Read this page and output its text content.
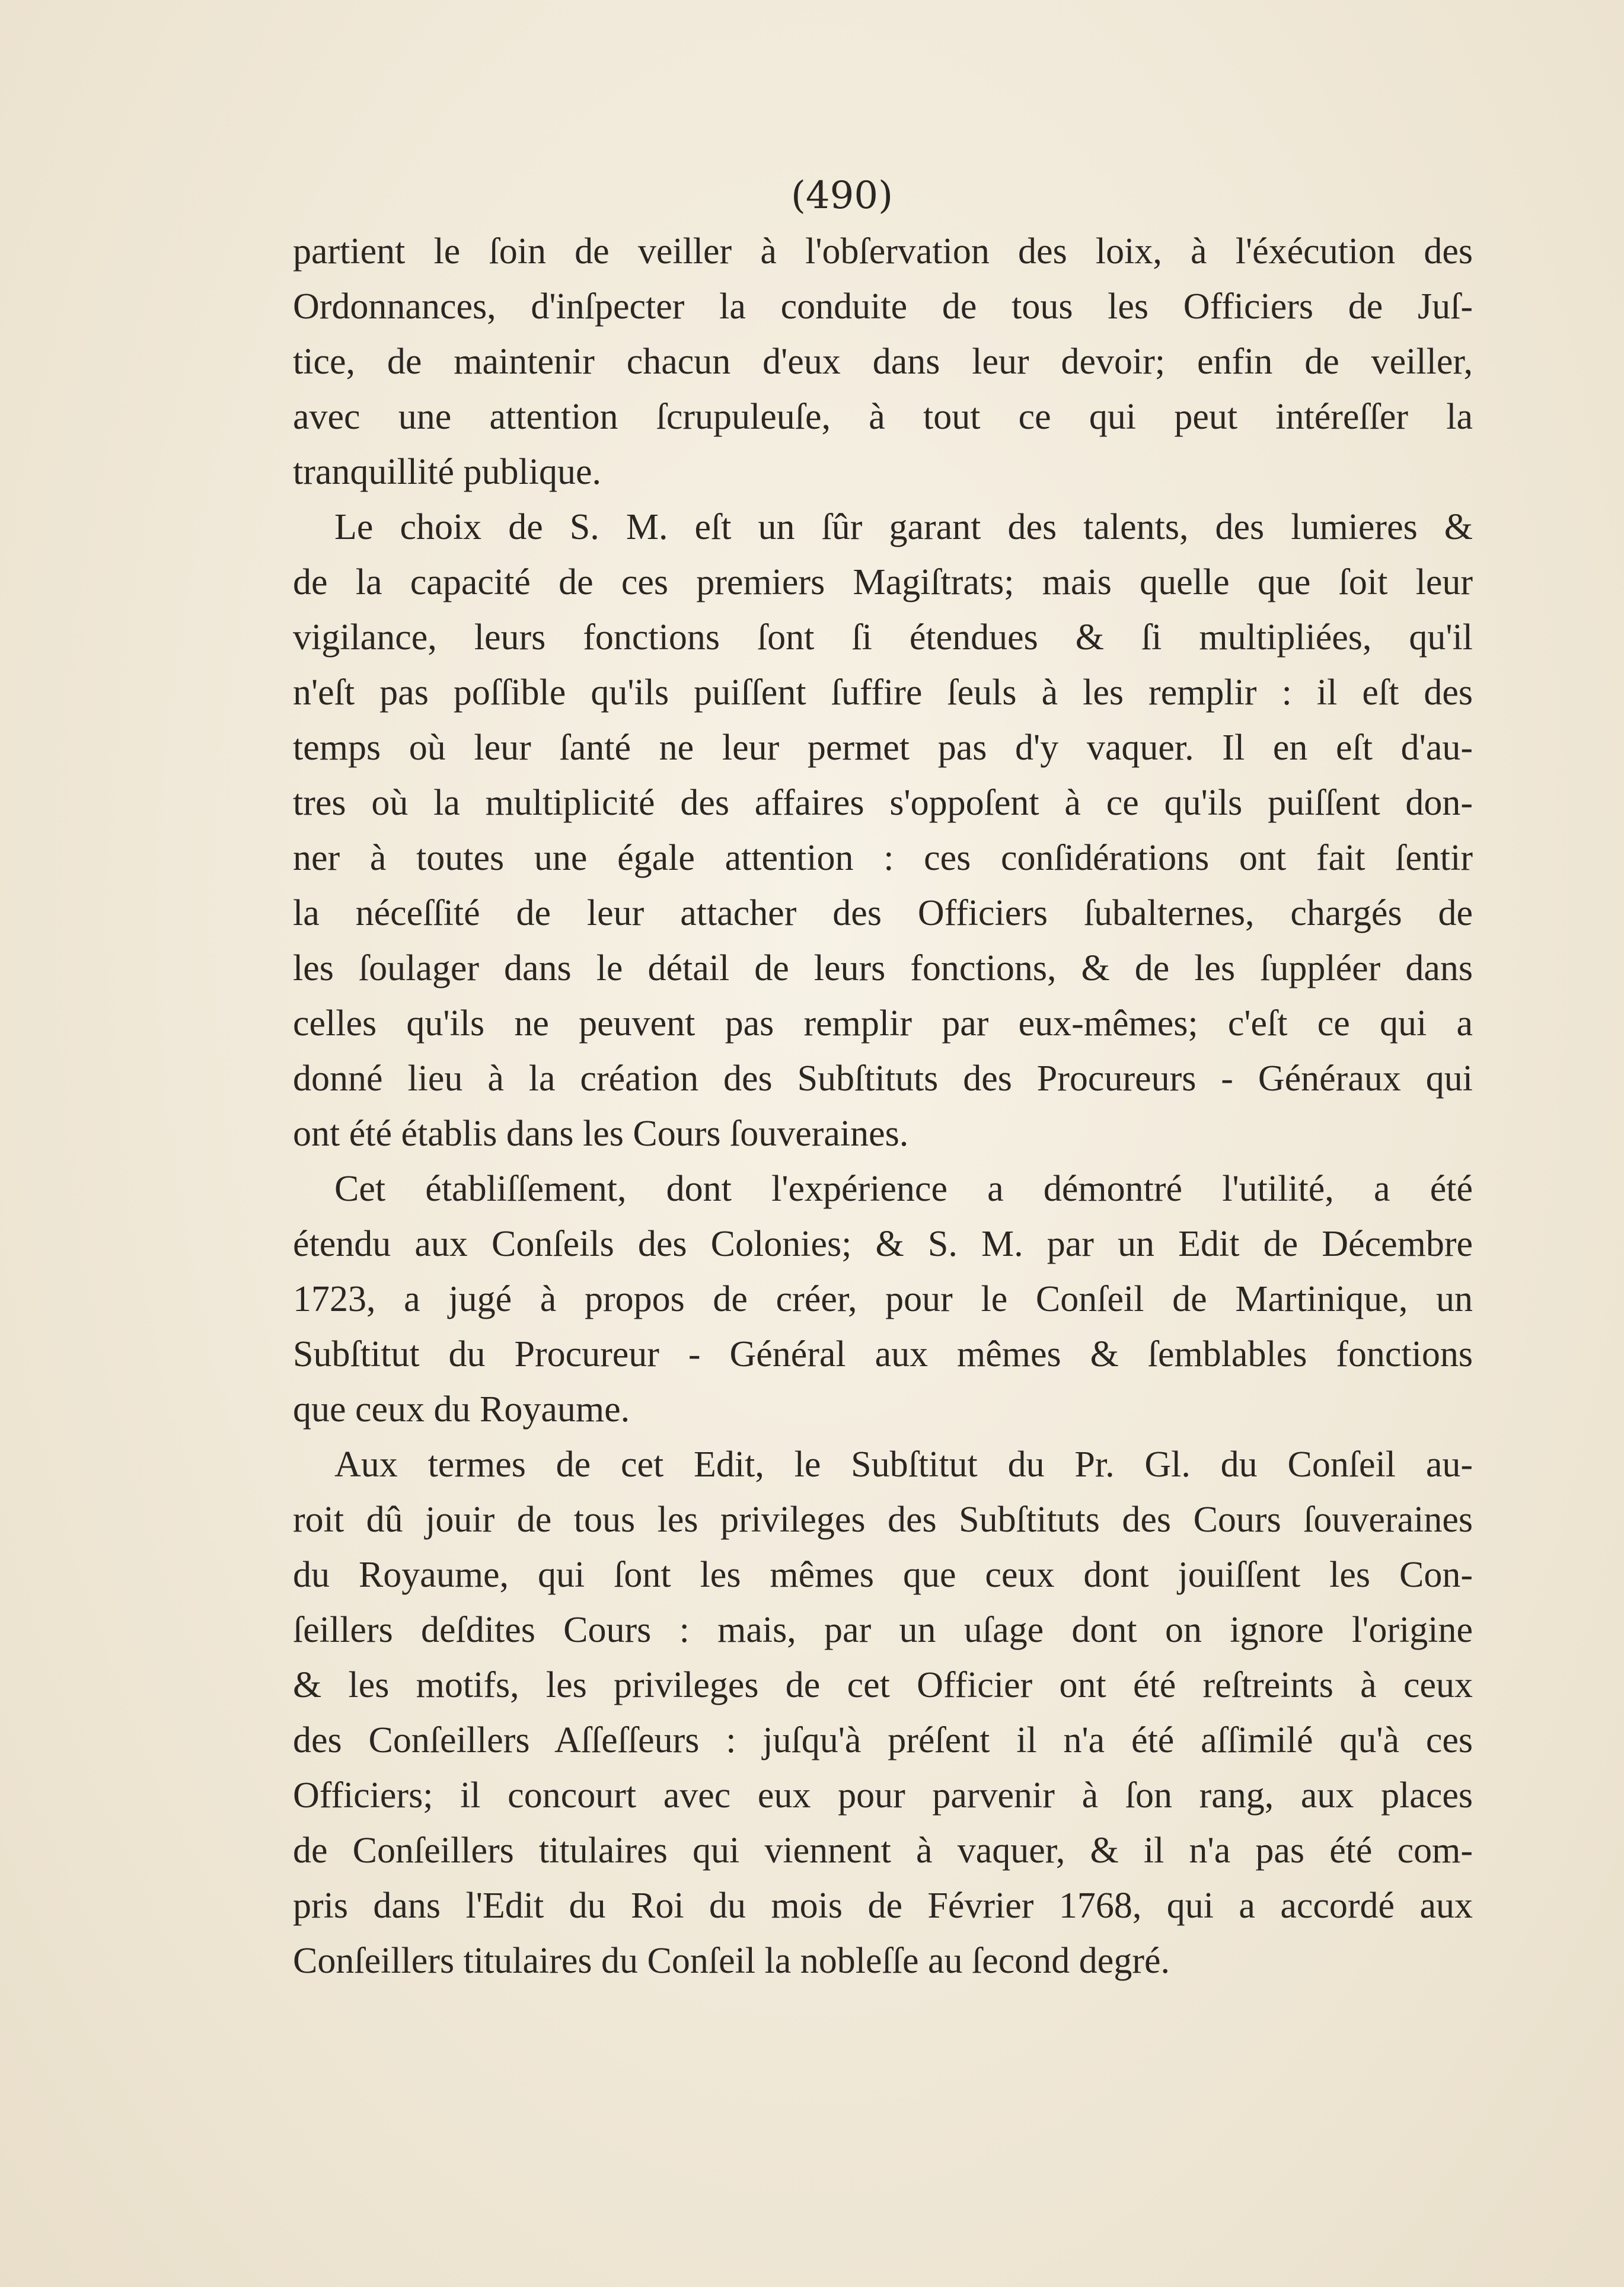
(490)

partient le ſoin de veiller à l'obſervation des loix, à l'éxécution des
Ordonnances, d'inſpecter la conduite de tous les Officiers de Juſ-
tice, de maintenir chacun d'eux dans leur devoir; enfin de veiller,
avec une attention ſcrupuleuſe, à tout ce qui peut intéreſſer la
tranquillité publique.

Le choix de S. M. eſt un ſûr garant des talents, des lumieres &
de la capacité de ces premiers Magiſtrats; mais quelle que ſoit leur
vigilance, leurs fonctions ſont ſi étendues & ſi multipliées, qu'il
n'eſt pas poſſible qu'ils puiſſent ſuffire ſeuls à les remplir : il eſt des
temps où leur ſanté ne leur permet pas d'y vaquer. Il en eſt d'au-
tres où la multiplicité des affaires s'oppoſent à ce qu'ils puiſſent don-
ner à toutes une égale attention : ces conſidérations ont fait ſentir
la néceſſité de leur attacher des Officiers ſubalternes, chargés de
les ſoulager dans le détail de leurs fonctions, & de les ſuppléer dans
celles qu'ils ne peuvent pas remplir par eux-mêmes; c'eſt ce qui a
donné lieu à la création des Subſtituts des Procureurs - Généraux qui
ont été établis dans les Cours ſouveraines.

Cet établiſſement, dont l'expérience a démontré l'utilité, a été
étendu aux Conſeils des Colonies; & S. M. par un Edit de Décembre
1723, a jugé à propos de créer, pour le Conſeil de Martinique, un
Subſtitut du Procureur - Général aux mêmes & ſemblables fonctions
que ceux du Royaume.

Aux termes de cet Edit, le Subſtitut du Pr. Gl. du Conſeil au-
roit dû jouir de tous les privileges des Subſtituts des Cours ſouveraines
du Royaume, qui ſont les mêmes que ceux dont jouiſſent les Con-
ſeillers deſdites Cours : mais, par un uſage dont on ignore l'origine
& les motifs, les privileges de cet Officier ont été reſtreints à ceux
des Conſeillers Aſſeſſeurs : juſqu'à préſent il n'a été aſſimilé qu'à ces
Officiers; il concourt avec eux pour parvenir à ſon rang, aux places
de Conſeillers titulaires qui viennent à vaquer, & il n'a pas été com-
pris dans l'Edit du Roi du mois de Février 1768, qui a accordé aux
Conſeillers titulaires du Conſeil la nobleſſe au ſecond degré.
